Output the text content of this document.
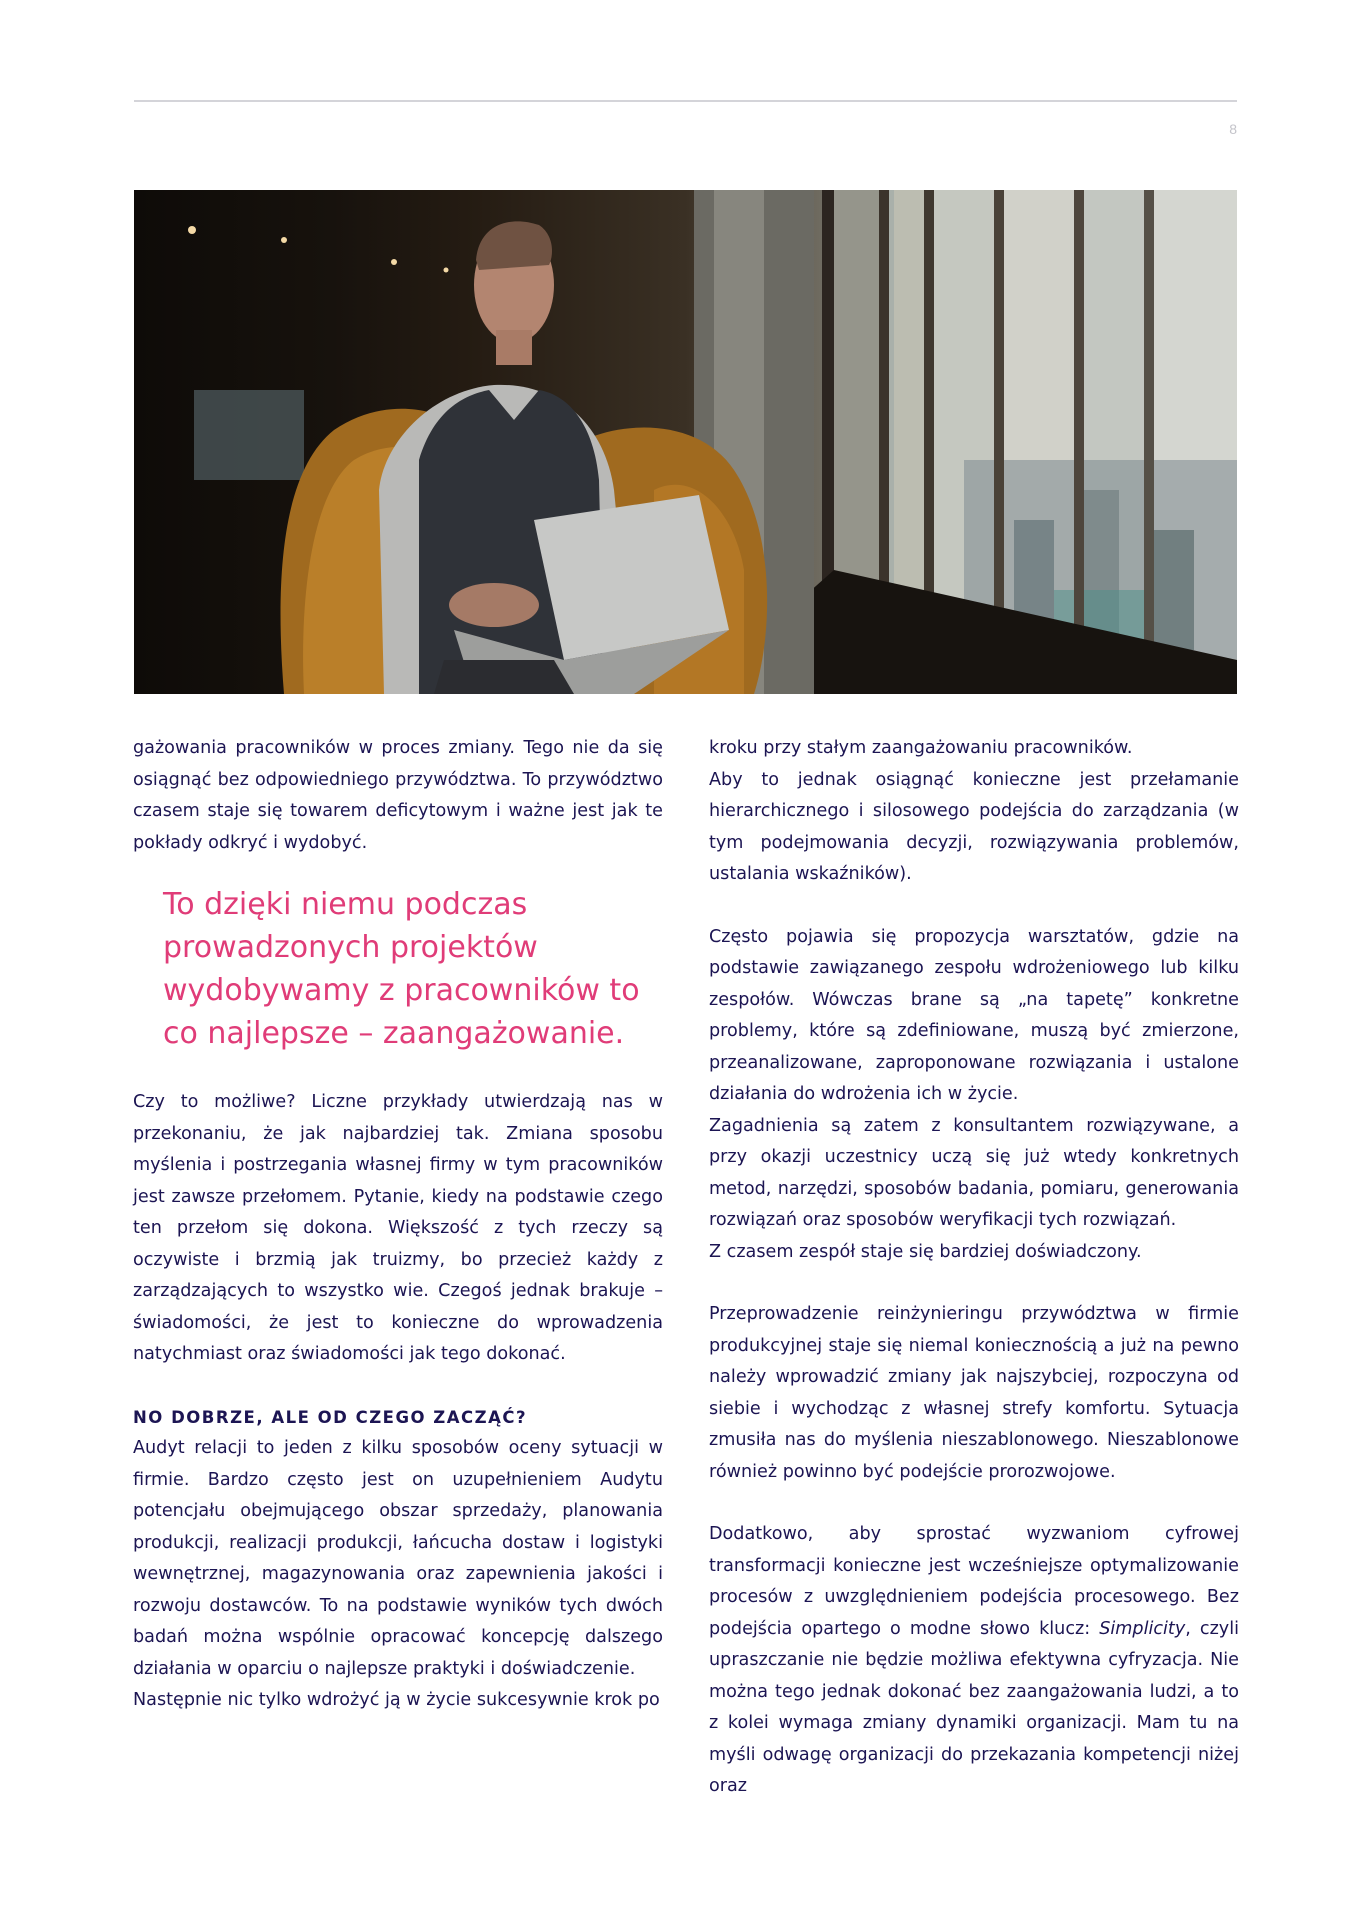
8

gażowania pracowników w proces zmiany. Tego nie da się osiągnąć bez odpowiedniego przywództwa. To przywództwo czasem staje się towarem deficytowym i ważne jest jak te pokłady odkryć i wydobyć.

To dzięki niemu podczas prowadzonych projektów wydobywamy z pracowników to co najlepsze – zaangażowanie.

Czy to możliwe? Liczne przykłady utwierdzają nas w przekonaniu, że jak najbardziej tak. Zmiana sposobu myślenia i postrzegania własnej firmy w tym pracowników jest zawsze przełomem. Pytanie, kiedy na podstawie czego ten przełom się dokona. Większość z tych rzeczy są oczywiste i brzmią jak truizmy, bo przecież każdy z zarządzających to wszystko wie. Czegoś jednak brakuje – świadomości, że jest to konieczne do wprowadzenia natychmiast oraz świadomości jak tego dokonać.

NO DOBRZE, ALE OD CZEGO ZACZĄĆ?

Audyt relacji to jeden z kilku sposobów oceny sytuacji w firmie. Bardzo często jest on uzupełnieniem Audytu potencjału obejmującego obszar sprzedaży, planowania produkcji, realizacji produkcji, łańcucha dostaw i logistyki wewnętrznej, magazynowania oraz zapewnienia jakości i rozwoju dostawców. To na podstawie wyników tych dwóch badań można wspólnie opracować koncepcję dalszego działania w oparciu o najlepsze praktyki i doświadczenie.

Następnie nic tylko wdrożyć ją w życie sukcesywnie krok po

kroku przy stałym zaangażowaniu pracowników.

Aby to jednak osiągnąć konieczne jest przełamanie hierarchicznego i silosowego podejścia do zarządzania (w tym podejmowania decyzji, rozwiązywania problemów, ustalania wskaźników).

Często pojawia się propozycja warsztatów, gdzie na podstawie zawiązanego zespołu wdrożeniowego lub kilku zespołów. Wówczas brane są „na tapetę” konkretne problemy, które są zdefiniowane, muszą być zmierzone, przeanalizowane, zaproponowane rozwiązania i ustalone działania do wdrożenia ich w życie.

Zagadnienia są zatem z konsultantem rozwiązywane, a przy okazji uczestnicy uczą się już wtedy konkretnych metod, narzędzi, sposobów badania, pomiaru, generowania rozwiązań oraz sposobów weryfikacji tych rozwiązań.

Z czasem zespół staje się bardziej doświadczony.

Przeprowadzenie reinżynieringu przywództwa w firmie produkcyjnej staje się niemal koniecznością a już na pewno należy wprowadzić zmiany jak najszybciej, rozpoczyna od siebie i wychodząc z własnej strefy komfortu. Sytuacja zmusiła nas do myślenia nieszablonowego. Nieszablonowe również powinno być podejście prorozwojowe.

Dodatkowo, aby sprostać wyzwaniom cyfrowej transformacji konieczne jest wcześniejsze optymalizowanie procesów z uwzględnieniem podejścia procesowego. Bez podejścia opartego o modne słowo klucz: Simplicity, czyli upraszczanie nie będzie możliwa efektywna cyfryzacja. Nie można tego jednak dokonać bez zaangażowania ludzi, a to z kolei wymaga zmiany dynamiki organizacji. Mam tu na myśli odwagę organizacji do przekazania kompetencji niżej oraz
